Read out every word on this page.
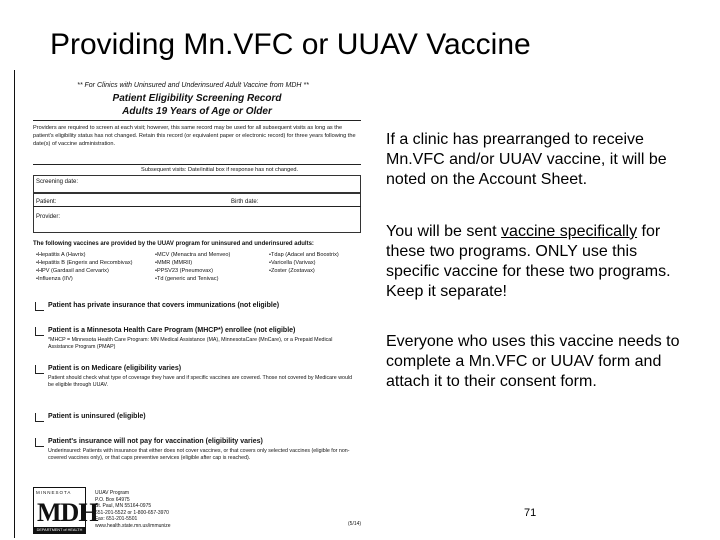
Providing Mn.VFC or UUAV Vaccine
** For Clinics with Uninsured and Underinsured Adult Vaccine from MDH **
Patient Eligibility Screening Record
Adults 19 Years of Age or Older
Providers are required to screen at each visit; however, this same record may be used for all subsequent visits as long as the patient's eligibility status has not changed. Retain this record (or equivalent paper or electronic record) for three years following the date(s) of vaccine administration.
Subsequent visits: Date/initial box if response has not changed.
Screening date:
Patient:	Birth date:
Provider:
The following vaccines are provided by the UUAV program for uninsured and underinsured adults:
• Hepatitis A (Havrix)
• Hepatitis B (Engerix and Recombivax)
• HPV (Gardasil and Cervarix)
• Influenza (IIV)
• MCV (Menactra and Menveo)
• MMR (MMRII)
• PPSV23 (Pneumovax)
• Td (generic and Tenivac)
• Tdap (Adacel and Boostrix)
• Varicella (Varivax)
• Zoster (Zostavax)
Patient has private insurance that covers immunizations (not eligible)
Patient is a Minnesota Health Care Program (MHCP*) enrollee (not eligible)
*MHCP = Minnesota Health Care Program: MN Medical Assistance (MA), MinnesotaCare (MnCare), or a Prepaid Medical Assistance Program (PMAP)
Patient is on Medicare (eligibility varies)
Patient should check what type of coverage they have and if specific vaccines are covered. Those not covered by Medicare would be eligible through UUAV.
Patient is uninsured (eligible)
Patient's insurance will not pay for vaccination (eligibility varies)
Underinsured: Patients with insurance that either does not cover vaccines, or that covers only selected vaccines (eligible for non-covered vaccines only), or that caps preventive services (eligible after cap is reached).
MINNESOTA
MDH
DEPARTMENT of HEALTH
UUAV Program
P.O. Box 64975
St. Paul, MN 55164-0975
651-201-5522 or 1-800-657-3970
Fax: 651-201-5501
www.health.state.mn.us/immunize	(5/14)
If a clinic has prearranged to receive Mn.VFC and/or UUAV vaccine, it will be noted on the Account Sheet.
You will be sent vaccine specifically for these two programs. ONLY use this specific vaccine for these two programs. Keep it separate!
Everyone who uses this vaccine needs to complete a Mn.VFC or UUAV form and attach it to their consent form.
71
